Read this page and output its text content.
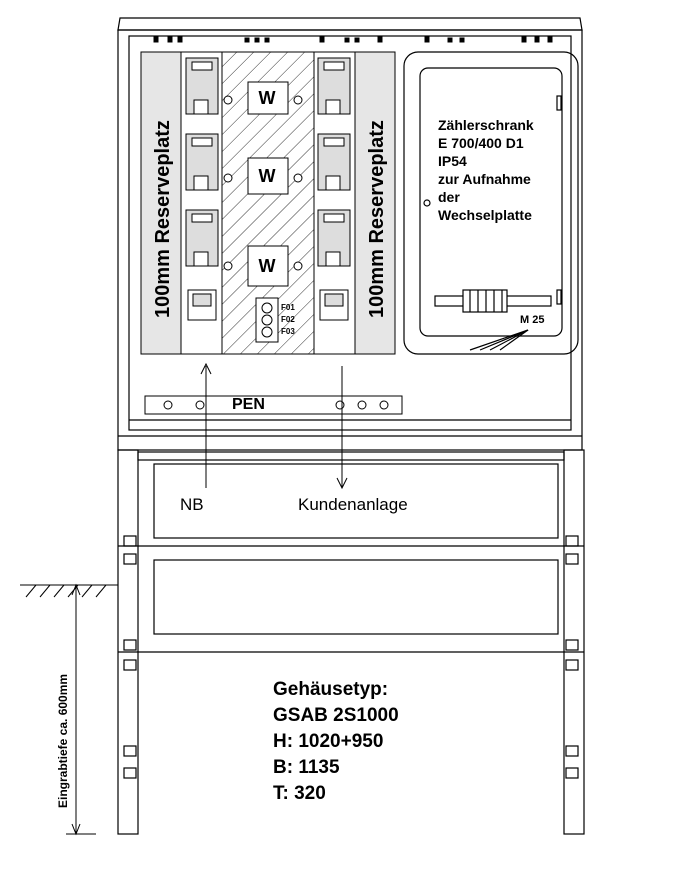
100mm Reserveplatz	100mm Reserveplatz
W
W
W
F01
F02
F03
Zählerschrank
E 700/400 D1
IP54
zur Aufnahme
der
Wechselplatte
M 25
PEN
NB	Kundenanlage
Eingrabtiefe ca. 600mm	Gehäusetyp:
GSAB 2S1000
H: 1020+950
B: 1135
T: 320
